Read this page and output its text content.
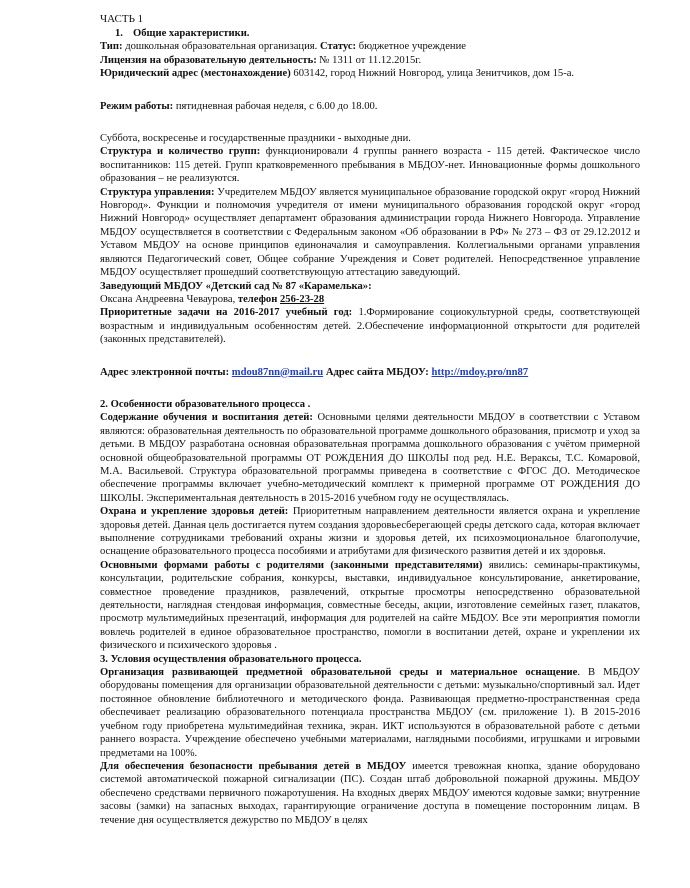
ЧАСТЬ 1

1. Общие характеристики.

Тип: дошкольная образовательная организация. Статус: бюджетное учреждение

Лицензия на образовательную деятельность: № 1311 от 11.12.2015г.

Юридический адрес (местонахождение) 603142, город Нижний Новгород, улица Зенитчиков, дом 15-а.

Режим работы: пятидневная рабочая неделя, с 6.00 до 18.00.

Суббота, воскресенье и государственные праздники - выходные дни.

Структура и количество групп: функционировали 4 группы раннего возраста - 115 детей. Фактическое число воспитанников: 115 детей. Групп кратковременного пребывания в МБДОУ-нет. Инновационные формы дошкольного образования – не реализуются.

Структура управления: Учредителем МБДОУ является муниципальное образование городской округ «город Нижний Новгород». Функции и полномочия учредителя от имени муниципального образования городской округ «город Нижний Новгород» осуществляет департамент образования администрации города Нижнего Новгорода. Управление МБДОУ осуществляется в соответствии с Федеральным законом «Об образовании в РФ» № 273 – ФЗ от 29.12.2012 и Уставом МБДОУ на основе принципов единоначалия и самоуправления. Коллегиальными органами управления являются Педагогический совет, Общее собрание Учреждения и Совет родителей. Непосредственное управление МБДОУ осуществляет прошедший соответствующую аттестацию заведующий.

Заведующий МБДОУ «Детский сад № 87 «Карамелька»:

Оксана Андреевна Чеваурова, телефон 256-23-28

Приоритетные задачи на 2016-2017 учебный год: 1.Формирование социокультурной среды, соответствующей возрастным и индивидуальным особенностям детей. 2.Обеспечение информационной открытости для родителей (законных представителей).

Адрес электронной почты: mdou87nn@mail.ru Адрес сайта МБДОУ: http://mdoy.pro/nn87

2. Особенности образовательного процесса .

Содержание обучения и воспитания детей: Основными целями деятельности МБДОУ в соответствии с Уставом являются: образовательная деятельность по образовательной программе дошкольного образования, присмотр и уход за детьми. В МБДОУ разработана основная образовательная программа дошкольного образования с учётом примерной основной общеобразовательной программы ОТ РОЖДЕНИЯ ДО ШКОЛЫ под ред. Н.Е. Вераксы, Т.С. Комаровой, М.А. Васильевой. Структура образовательной программы приведена в соответствие с ФГОС ДО. Методическое обеспечение программы включает учебно-методический комплект к примерной программе ОТ РОЖДЕНИЯ ДО ШКОЛЫ. Экспериментальная деятельность в 2015-2016 учебном году не осуществлялась.

Охрана и укрепление здоровья детей: Приоритетным направлением деятельности является охрана и укрепление здоровья детей. Данная цель достигается путем создания здоровьесберегающей среды детского сада, которая включает выполнение сотрудниками требований охраны жизни и здоровья детей, их психоэмоциональное благополучие, оснащение образовательного процесса пособиями и атрибутами для физического развития детей и их здоровья.

Основными формами работы с родителями (законными представителями) явились: семинары-практикумы, консультации, родительские собрания, конкурсы, выставки, индивидуальное консультирование, анкетирование, совместное проведение праздников, развлечений, открытые просмотры непосредственно образовательной деятельности, наглядная стендовая информация, совместные беседы, акции, изготовление семейных газет, плакатов, просмотр мультимедийных презентаций, информация для родителей на сайте МБДОУ. Все эти мероприятия помогли вовлечь родителей в единое образовательное пространство, помогли в воспитании детей, охране и укреплении их физического и психического здоровья .

3. Условия осуществления образовательного процесса.

Организация развивающей предметной образовательной среды и материальное оснащение. В МБДОУ оборудованы помещения для организации образовательной деятельности с детьми: музыкально/спортивный зал. Идет постоянное обновление библиотечного и методического фонда. Развивающая предметно-пространственная среда обеспечивает реализацию образовательного потенциала пространства МБДОУ (см. приложение 1). В 2015-2016 учебном году приобретена мультимедийная техника, экран. ИКТ используются в образовательной работе с детьми раннего возраста. Учреждение обеспечено учебными материалами, наглядными пособиями, игрушками и игровыми предметами на 100%.

Для обеспечения безопасности пребывания детей в МБДОУ имеется тревожная кнопка, здание оборудовано системой автоматической пожарной сигнализации (ПС). Создан штаб добровольной пожарной дружины. МБДОУ обеспечено средствами первичного пожаротушения. На входных дверях МБДОУ имеются кодовые замки; внутренние засовы (замки) на запасных выходах, гарантирующие ограничение доступа в помещение посторонним лицам. В течение дня осуществляется дежурство по МБДОУ в целях
